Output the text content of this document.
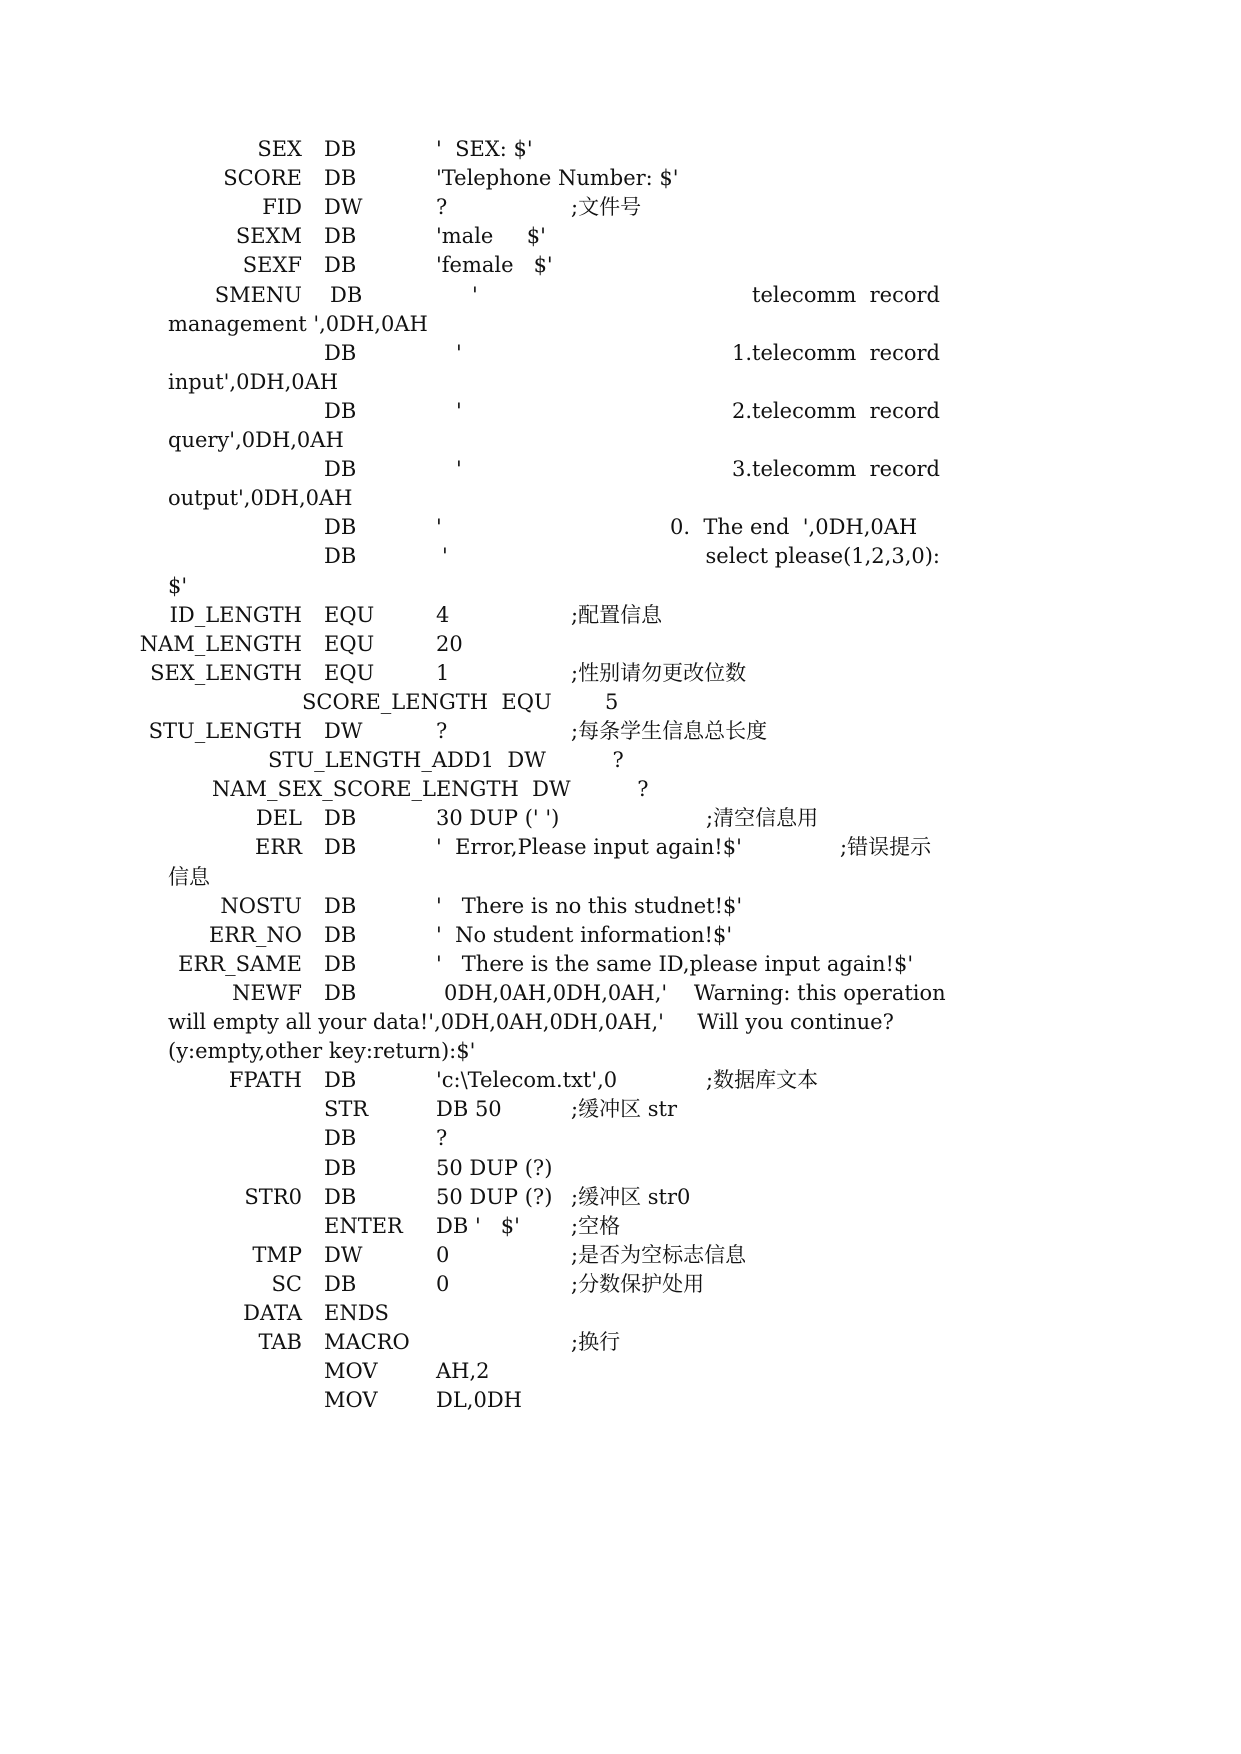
SEX DB	'  SEX: $'
SCORE DB	'Telephone Number: $'
FID DW	?	;文件号
SEXM DB	'male     $'
SEXF DB	'female   $'
SMENU DB	'	telecomm  record
management ',0DH,0AH
DB	'	1.telecomm  record
input',0DH,0AH
DB	'	2.telecomm  record
query',0DH,0AH
DB	'	3.telecomm  record
output',0DH,0AH
DB	'	0.  The end  ',0DH,0AH
DB	'	select please(1,2,3,0):
$'
ID_LENGTH EQU	4	;配置信息
NAM_LENGTH EQU	20
SEX_LENGTH EQU	1	;性别请勿更改位数
SCORE_LENGTH  EQU        5
STU_LENGTH DW	?	;每条学生信息总长度
STU_LENGTH_ADD1  DW          ?
NAM_SEX_SCORE_LENGTH  DW          ?
DEL DB	30 DUP (' ')	;清空信息用
ERR DB	'  Error,Please input again!$'	;错误提示
信息
NOSTU DB	'   There is no this studnet!$'
ERR_NO DB	'  No student information!$'
ERR_SAME DB	'   There is the same ID,please input again!$'
NEWF DB	0DH,0AH,0DH,0AH,'    Warning: this operation
will empty all your data!',0DH,0AH,0DH,0AH,'     Will you continue?
(y:empty,other key:return):$'
FPATH DB	'c:\Telecom.txt',0	;数据库文本
STR	DB 50	;缓冲区 str
DB	?
DB	50 DUP (?)
STR0 DB	50 DUP (?) ;缓冲区 str0
ENTER DB '   $' ;空格
TMP DW	0	;是否为空标志信息
SC DB	0	;分数保护处用
DATA ENDS
TAB MACRO	;换行
MOV	AH,2
MOV	DL,0DH
